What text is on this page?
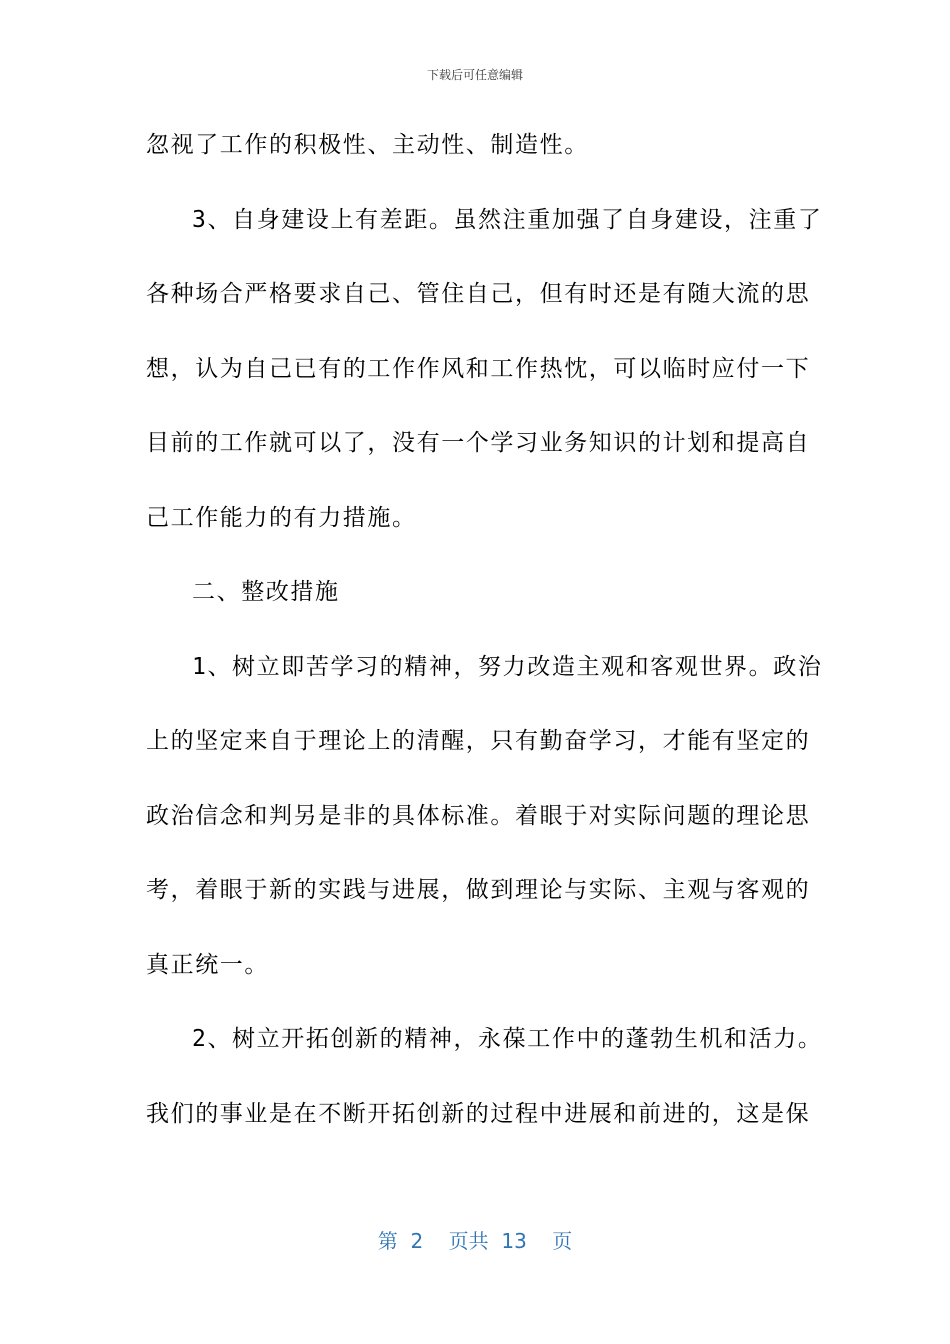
下载后可任意编辑
忽视了工作的积极性、主动性、制造性。
3、自身建设上有差距。虽然注重加强了自身建设，注重了
各种场合严格要求自己、管住自己，但有时还是有随大流的思
想，认为自己已有的工作作风和工作热忱，可以临时应付一下
目前的工作就可以了，没有一个学习业务知识的计划和提高自
己工作能力的有力措施。
二、整改措施
1、树立即苦学习的精神，努力改造主观和客观世界。政治
上的坚定来自于理论上的清醒，只有勤奋学习，才能有坚定的
政治信念和判另是非的具体标准。着眼于对实际问题的理论思
考，着眼于新的实践与进展，做到理论与实际、主观与客观的
真正统一。
2、树立开拓创新的精神，永葆工作中的蓬勃生机和活力。
我们的事业是在不断开拓创新的过程中进展和前进的，这是保
第 2 页共 13 页
